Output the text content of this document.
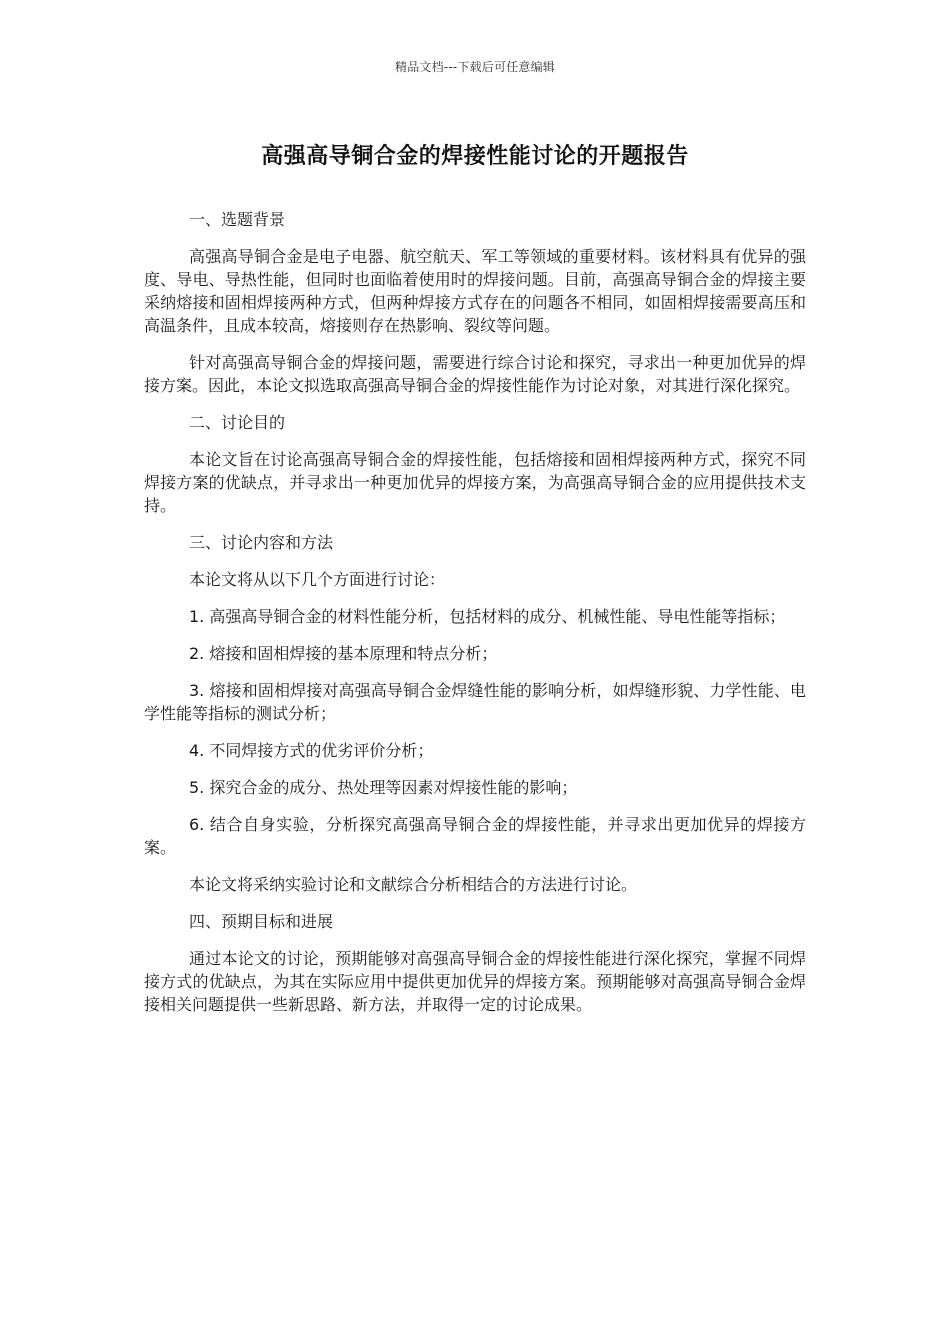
精品文档---下载后可任意编辑
高强高导铜合金的焊接性能讨论的开题报告

一、选题背景

高强高导铜合金是电子电器、航空航天、军工等领域的重要材料。该材料具有优异的强度、导电、导热性能，但同时也面临着使用时的焊接问题。目前，高强高导铜合金的焊接主要采纳熔接和固相焊接两种方式，但两种焊接方式存在的问题各不相同，如固相焊接需要高压和高温条件，且成本较高，熔接则存在热影响、裂纹等问题。

针对高强高导铜合金的焊接问题，需要进行综合讨论和探究，寻求出一种更加优异的焊接方案。因此，本论文拟选取高强高导铜合金的焊接性能作为讨论对象，对其进行深化探究。

二、讨论目的

本论文旨在讨论高强高导铜合金的焊接性能，包括熔接和固相焊接两种方式，探究不同焊接方案的优缺点，并寻求出一种更加优异的焊接方案，为高强高导铜合金的应用提供技术支持。

三、讨论内容和方法

本论文将从以下几个方面进行讨论：

1. 高强高导铜合金的材料性能分析，包括材料的成分、机械性能、导电性能等指标；

2. 熔接和固相焊接的基本原理和特点分析；

3. 熔接和固相焊接对高强高导铜合金焊缝性能的影响分析，如焊缝形貌、力学性能、电学性能等指标的测试分析；

4. 不同焊接方式的优劣评价分析；

5. 探究合金的成分、热处理等因素对焊接性能的影响；

6. 结合自身实验，分析探究高强高导铜合金的焊接性能，并寻求出更加优异的焊接方案。

本论文将采纳实验讨论和文献综合分析相结合的方法进行讨论。

四、预期目标和进展

通过本论文的讨论，预期能够对高强高导铜合金的焊接性能进行深化探究，掌握不同焊接方式的优缺点，为其在实际应用中提供更加优异的焊接方案。预期能够对高强高导铜合金焊接相关问题提供一些新思路、新方法，并取得一定的讨论成果。
